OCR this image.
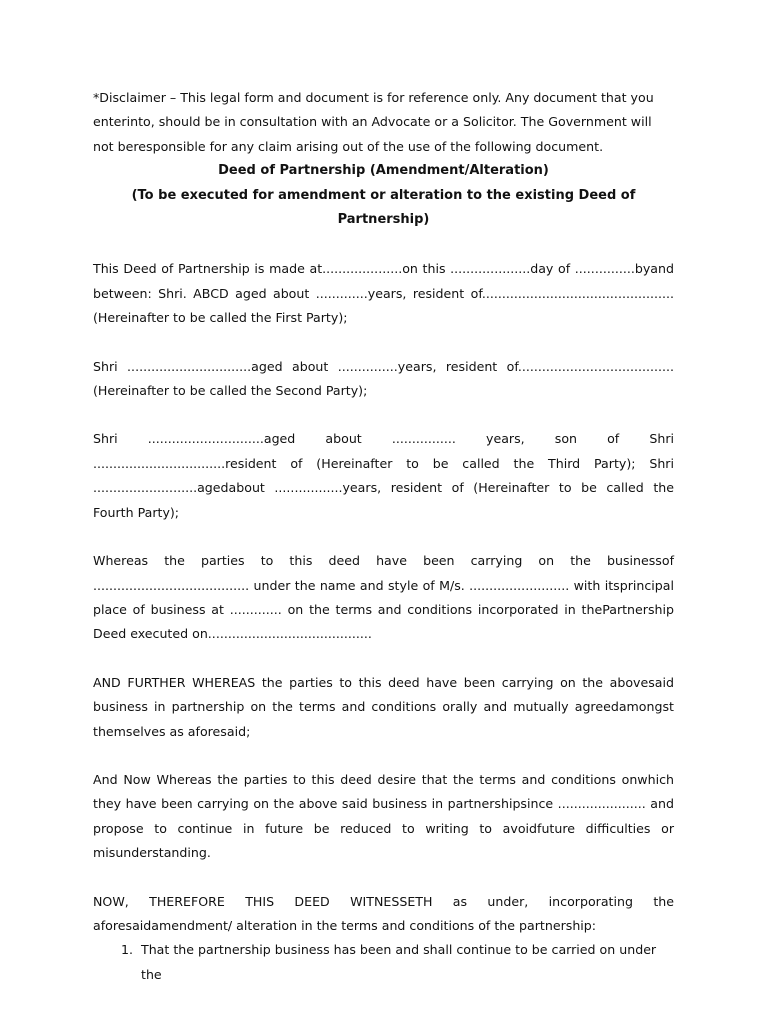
*Disclaimer – This legal form and document is for reference only. Any document that you enterinto, should be in consultation with an Advocate or a Solicitor. The Government will not beresponsible for any claim arising out of the use of the following document.

Deed of Partnership (Amendment/Alteration)

(To be executed for amendment or alteration to the existing Deed of Partnership)

This Deed of Partnership is made at....................on this ....................day of ...............byand between: Shri. ABCD aged about .............years, resident of................................................ (Hereinafter to be called the First Party);

Shri ...............................aged about ...............years, resident of....................................... (Hereinafter to be called the Second Party);

Shri .............................aged about ................ years, son of Shri .................................resident of (Hereinafter to be called the Third Party); Shri ..........................agedabout .................years, resident of (Hereinafter to be called the Fourth Party);

Whereas the parties to this deed have been carrying on the businessof ....................................... under the name and style of M/s. ......................... with itsprincipal place of business at ............. on the terms and conditions incorporated in thePartnership Deed executed on.........................................

AND FURTHER WHEREAS the parties to this deed have been carrying on the abovesaid business in partnership on the terms and conditions orally and mutually agreedamongst themselves as aforesaid;

And Now Whereas the parties to this deed desire that the terms and conditions onwhich they have been carrying on the above said business in partnershipsince ...................... and propose to continue in future be reduced to writing to avoidfuture difficulties or misunderstanding.

NOW, THEREFORE THIS DEED WITNESSETH as under, incorporating the aforesaidamendment/ alteration in the terms and conditions of the partnership:

1. That the partnership business has been and shall continue to be carried on under the
